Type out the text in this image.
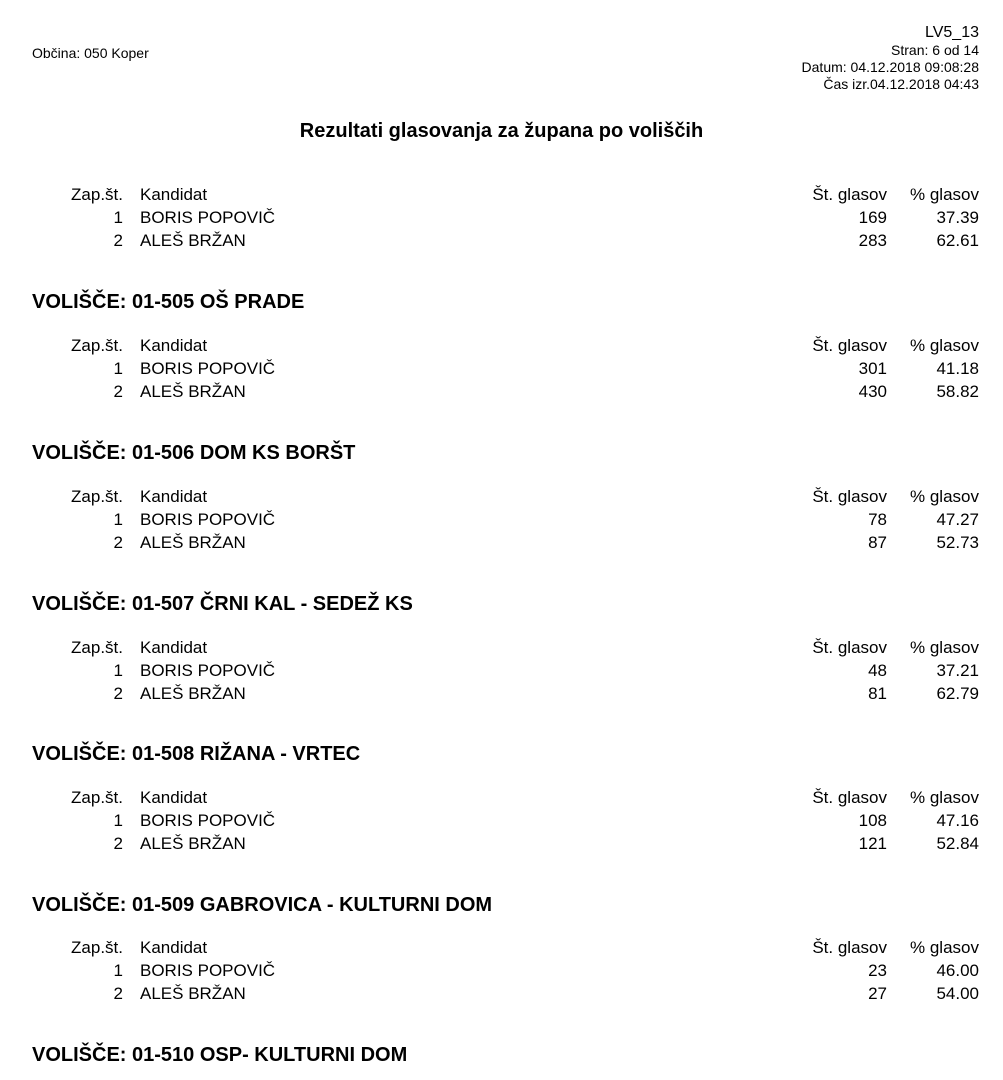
Občina: 050 Koper
LV5_13
Stran: 6 od 14
Datum: 04.12.2018 09:08:28
Čas izr.04.12.2018 04:43
Rezultati glasovanja za župana po voliščih
Zap.št. Kandidat	Št. glasov % glasov
1 BORIS POPOVIČ	169	37.39
2 ALEŠ BRŽAN	283	62.61
VOLIŠČE: 01-505 OŠ PRADE
Zap.št. Kandidat	Št. glasov % glasov
1 BORIS POPOVIČ	301	41.18
2 ALEŠ BRŽAN	430	58.82
VOLIŠČE: 01-506 DOM KS BORŠT
Zap.št. Kandidat	Št. glasov % glasov
1 BORIS POPOVIČ	78	47.27
2 ALEŠ BRŽAN	87	52.73
VOLIŠČE: 01-507 ČRNI KAL - SEDEŽ KS
Zap.št. Kandidat	Št. glasov % glasov
1 BORIS POPOVIČ	48	37.21
2 ALEŠ BRŽAN	81	62.79
VOLIŠČE: 01-508 RIŽANA - VRTEC
Zap.št. Kandidat	Št. glasov % glasov
1 BORIS POPOVIČ	108	47.16
2 ALEŠ BRŽAN	121	52.84
VOLIŠČE: 01-509 GABROVICA - KULTURNI DOM
Zap.št. Kandidat	Št. glasov % glasov
1 BORIS POPOVIČ	23	46.00
2 ALEŠ BRŽAN	27	54.00
VOLIŠČE: 01-510 OSP- KULTURNI DOM
